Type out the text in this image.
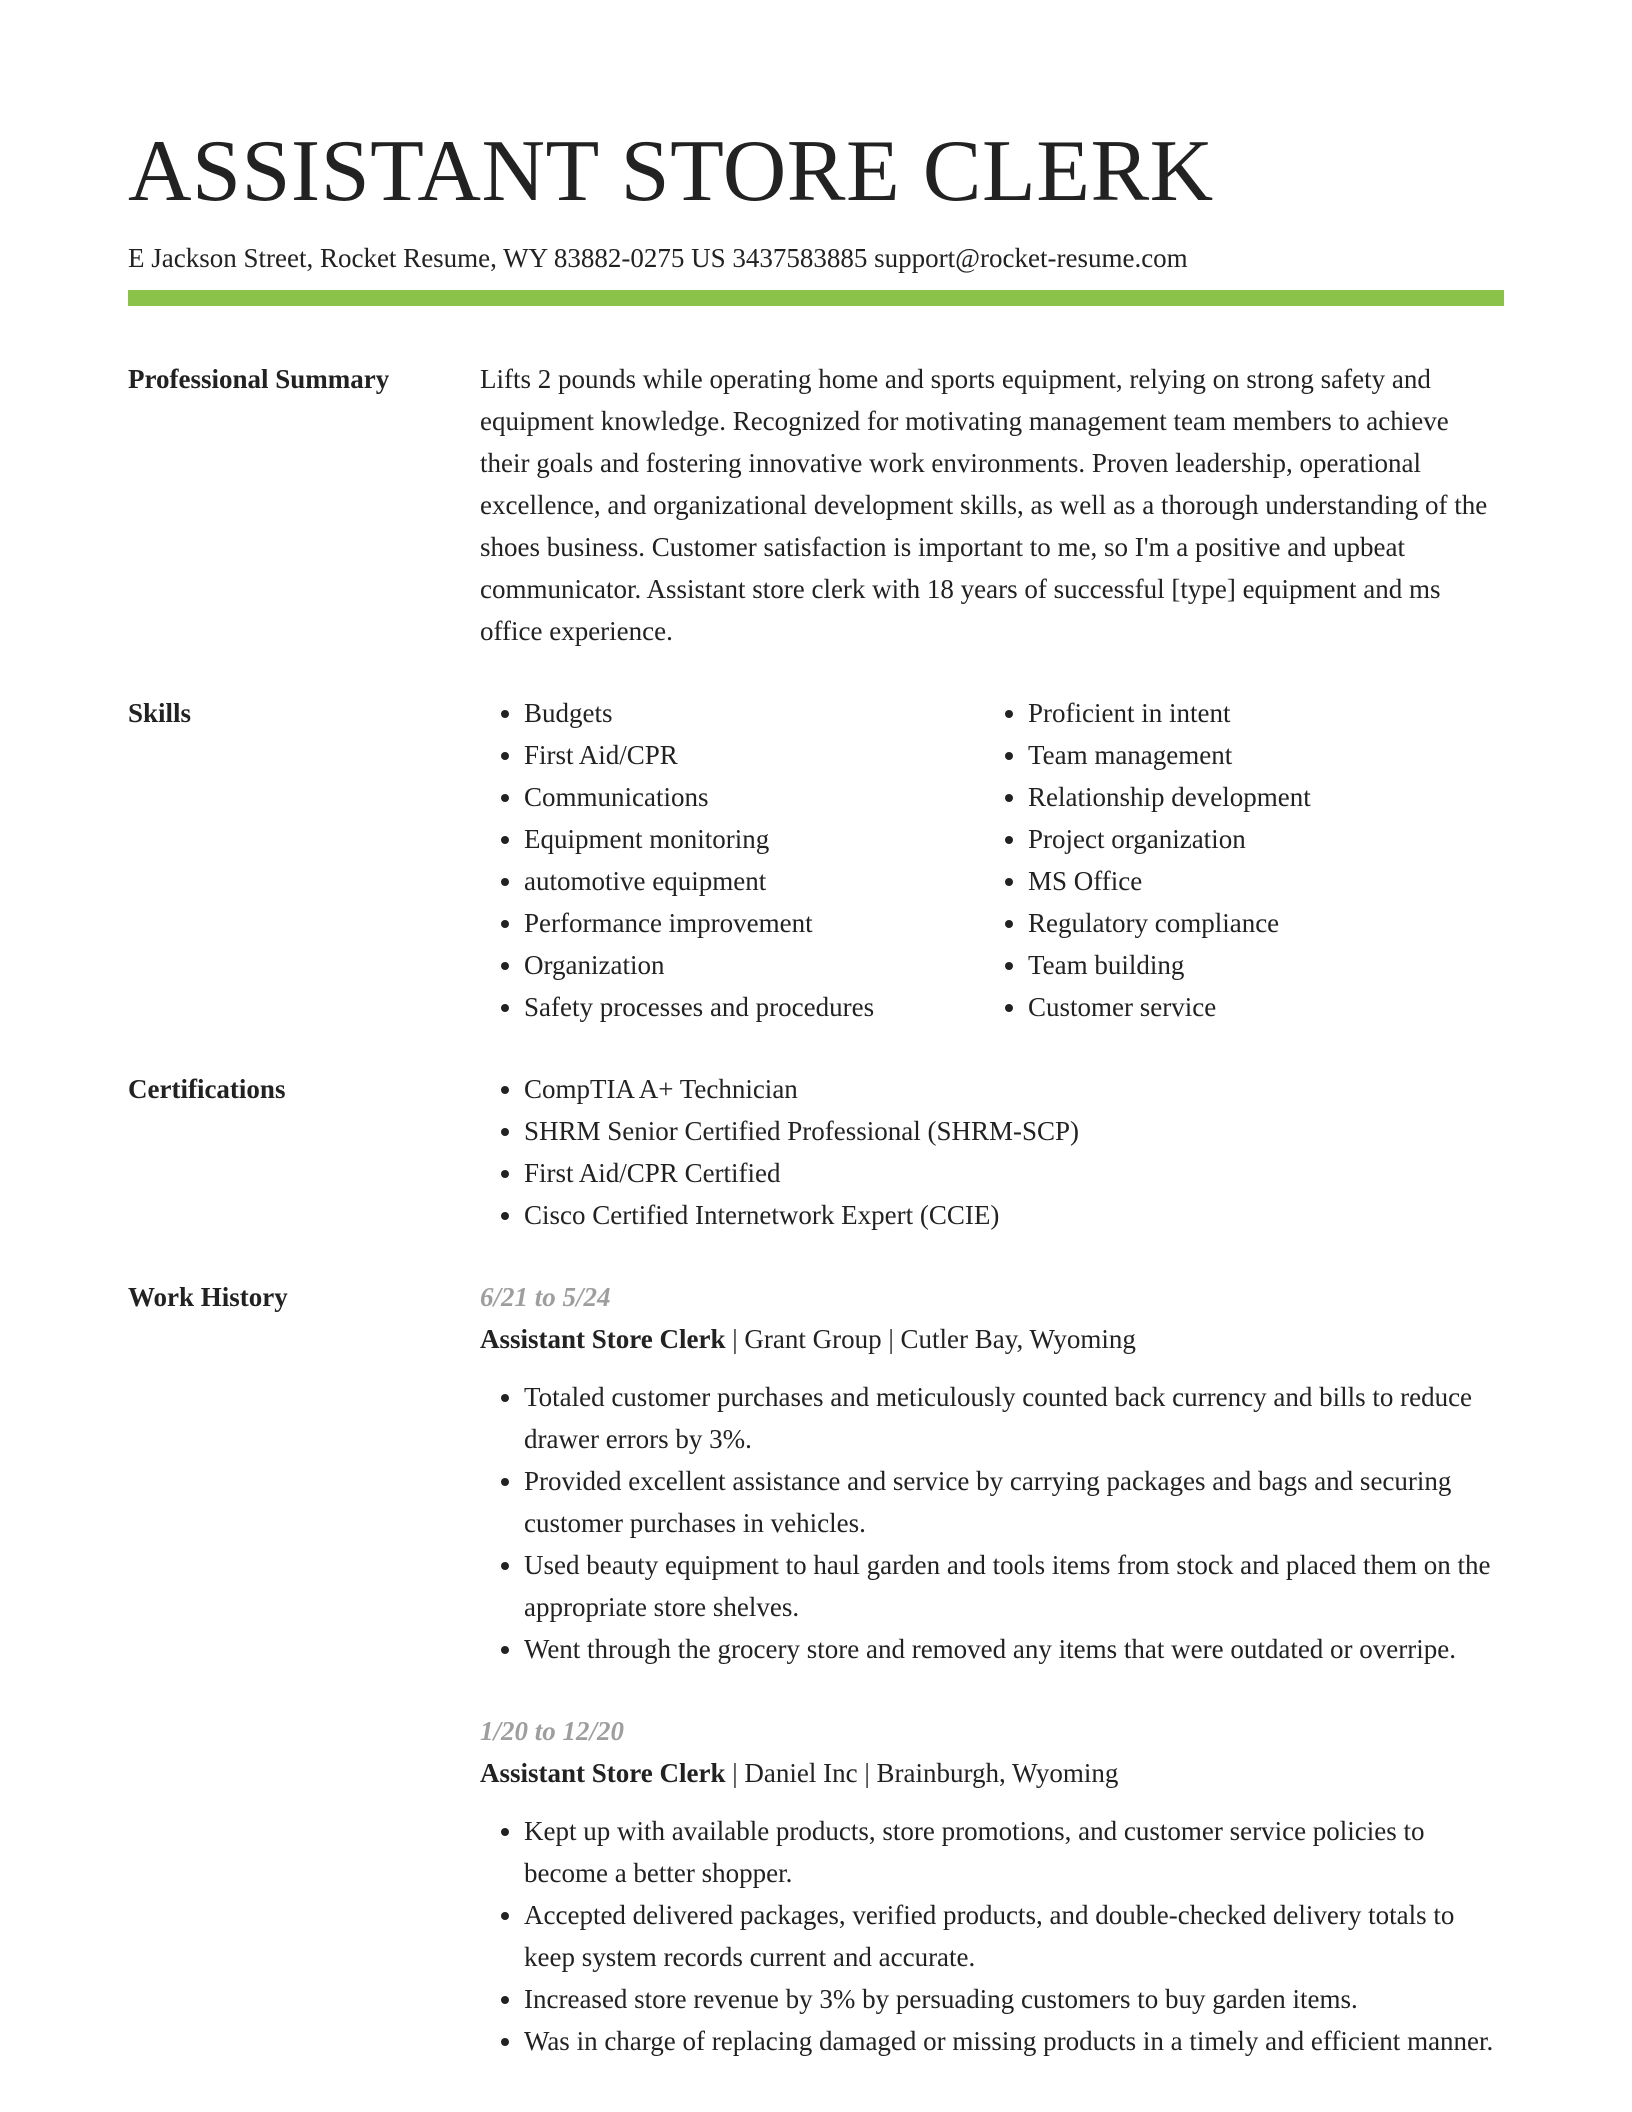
ASSISTANT STORE CLERK
E Jackson Street, Rocket Resume, WY 83882-0275 US 3437583885 support@rocket-resume.com
Professional Summary	Lifts 2 pounds while operating home and sports equipment, relying on strong safety and equipment knowledge. Recognized for motivating management team members to achieve their goals and fostering innovative work environments. Proven leadership, operational excellence, and organizational development skills, as well as a thorough understanding of the shoes business. Customer satisfaction is important to me, so I'm a positive and upbeat communicator. Assistant store clerk with 18 years of successful [type] equipment and ms office experience.

Skills	• Budgets
• First Aid/CPR
• Communications
• Equipment monitoring
• automotive equipment
• Performance improvement
• Organization
• Safety processes and procedures
• Proficient in intent
• Team management
• Relationship development
• Project organization
• MS Office
• Regulatory compliance
• Team building
• Customer service
Certifications	• CompTIA A+ Technician
• SHRM Senior Certified Professional (SHRM-SCP)
• First Aid/CPR Certified
• Cisco Certified Internetwork Expert (CCIE)
Work History	6/21 to 5/24
Assistant Store Clerk | Grant Group | Cutler Bay, Wyoming
• Totaled customer purchases and meticulously counted back currency and bills to reduce drawer errors by 3%.
• Provided excellent assistance and service by carrying packages and bags and securing customer purchases in vehicles.
• Used beauty equipment to haul garden and tools items from stock and placed them on the appropriate store shelves.
• Went through the grocery store and removed any items that were outdated or overripe.
1/20 to 12/20
Assistant Store Clerk | Daniel Inc | Brainburgh, Wyoming
• Kept up with available products, store promotions, and customer service policies to become a better shopper.
• Accepted delivered packages, verified products, and double-checked delivery totals to keep system records current and accurate.
• Increased store revenue by 3% by persuading customers to buy garden items.
• Was in charge of replacing damaged or missing products in a timely and efficient manner.
